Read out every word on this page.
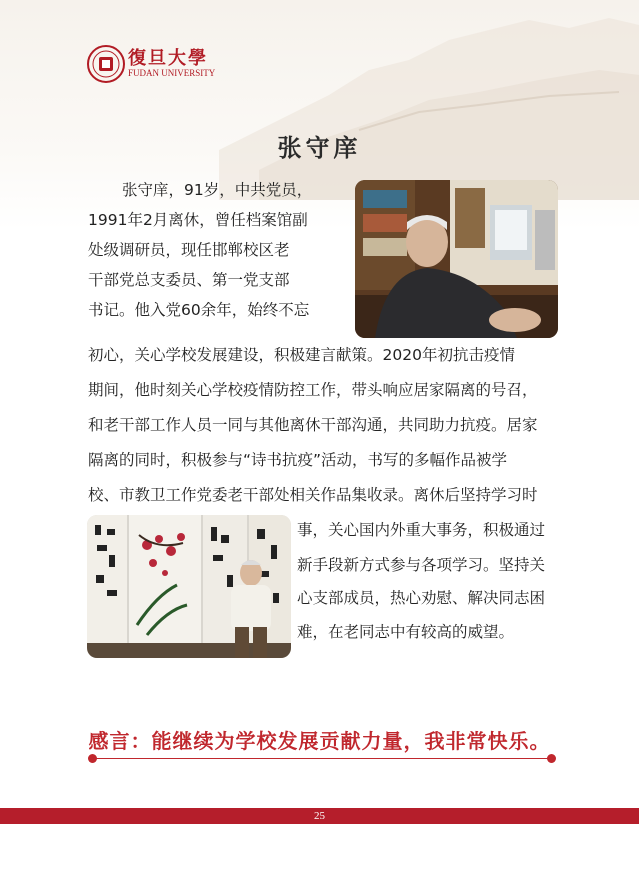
復旦大學
FUDAN UNIVERSITY
张守庠
张守庠，91岁，中共党员，
1991年2月离休，曾任档案馆副
处级调研员，现任邯郸校区老
干部党总支委员、第一党支部
书记。他入党60余年，始终不忘
初心，关心学校发展建设，积极建言献策。2020年初抗击疫情
期间，他时刻关心学校疫情防控工作，带头响应居家隔离的号召，
和老干部工作人员一同与其他离休干部沟通，共同助力抗疫。居家
隔离的同时，积极参与“诗书抗疫”活动，书写的多幅作品被学
校、市教卫工作党委老干部处相关作品集收录。离休后坚持学习时
事，关心国内外重大事务，积极通过
新手段新方式参与各项学习。坚持关
心支部成员，热心劝慰、解决同志困
难，在老同志中有较高的威望。
感言：能继续为学校发展贡献力量，我非常快乐。
25
